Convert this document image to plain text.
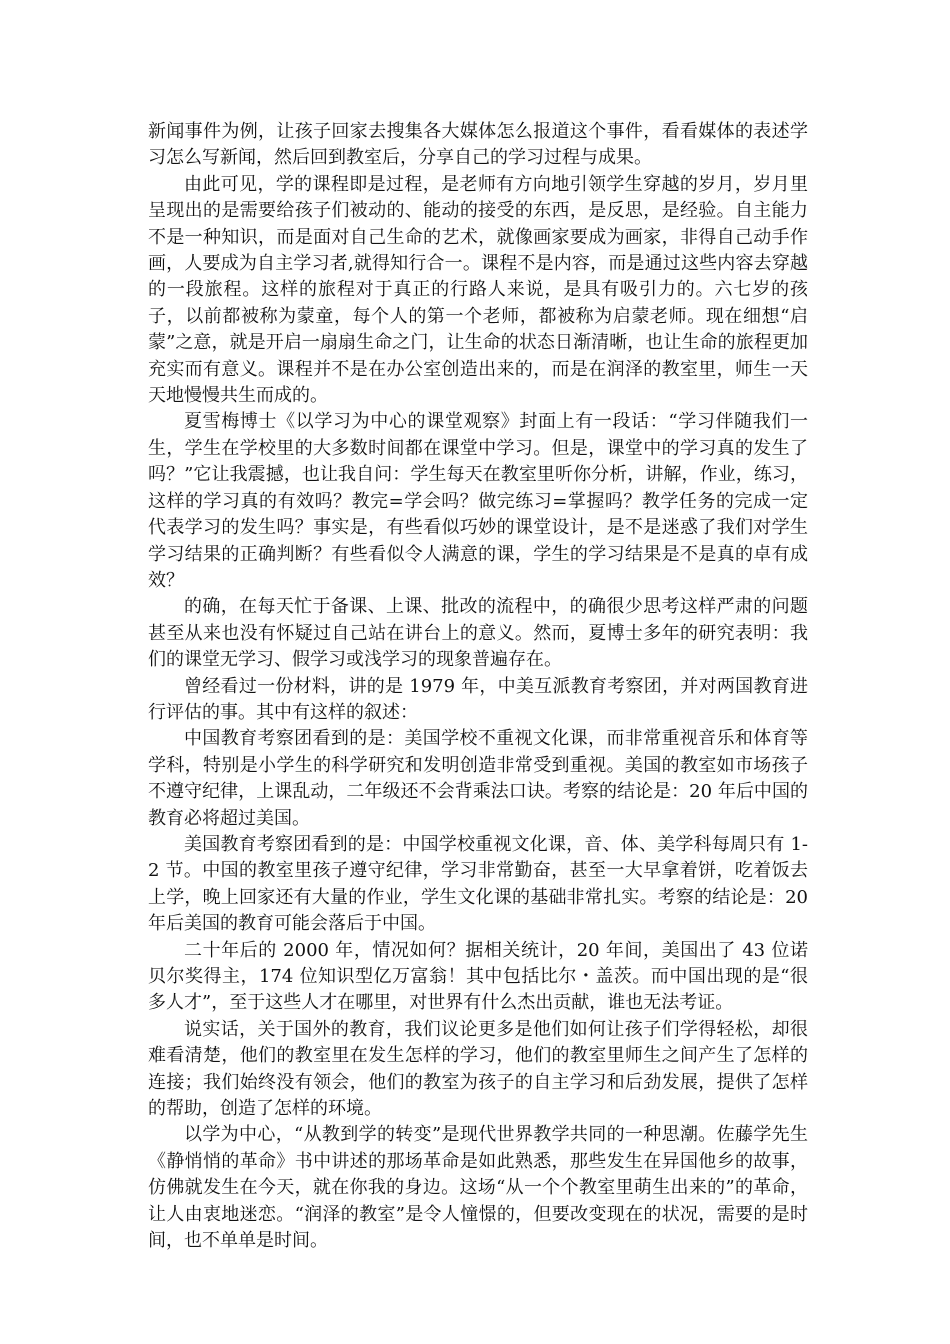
新闻事件为例，让孩子回家去搜集各大媒体怎么报道这个事件，看看媒体的表述学习怎么写新闻，然后回到教室后，分享自己的学习过程与成果。

由此可见，学的课程即是过程，是老师有方向地引领学生穿越的岁月，岁月里呈现出的是需要给孩子们被动的、能动的接受的东西，是反思，是经验。自主能力不是一种知识，而是面对自己生命的艺术，就像画家要成为画家，非得自己动手作画，人要成为自主学习者,就得知行合一。课程不是内容，而是通过这些内容去穿越的一段旅程。这样的旅程对于真正的行路人来说，是具有吸引力的。六七岁的孩子，以前都被称为蒙童，每个人的第一个老师，都被称为启蒙老师。现在细想“启蒙”之意，就是开启一扇扇生命之门，让生命的状态日渐清晰，也让生命的旅程更加充实而有意义。课程并不是在办公室创造出来的，而是在润泽的教室里，师生一天天地慢慢共生而成的。

夏雪梅博士《以学习为中心的课堂观察》封面上有一段话：“学习伴随我们一生，学生在学校里的大多数时间都在课堂中学习。但是，课堂中的学习真的发生了吗？”它让我震撼，也让我自问：学生每天在教室里听你分析，讲解，作业，练习，这样的学习真的有效吗？教完=学会吗？做完练习=掌握吗？教学任务的完成一定代表学习的发生吗？事实是，有些看似巧妙的课堂设计，是不是迷惑了我们对学生学习结果的正确判断？有些看似令人满意的课，学生的学习结果是不是真的卓有成效？

的确，在每天忙于备课、上课、批改的流程中，的确很少思考这样严肃的问题甚至从来也没有怀疑过自己站在讲台上的意义。然而，夏博士多年的研究表明：我们的课堂无学习、假学习或浅学习的现象普遍存在。

曾经看过一份材料，讲的是 1979 年，中美互派教育考察团，并对两国教育进行评估的事。其中有这样的叙述：

中国教育考察团看到的是：美国学校不重视文化课，而非常重视音乐和体育等学科，特别是小学生的科学研究和发明创造非常受到重视。美国的教室如市场孩子不遵守纪律，上课乱动，二年级还不会背乘法口诀。考察的结论是：20 年后中国的教育必将超过美国。

美国教育考察团看到的是：中国学校重视文化课，音、体、美学科每周只有 1-2 节。中国的教室里孩子遵守纪律，学习非常勤奋，甚至一大早拿着饼，吃着饭去上学，晚上回家还有大量的作业，学生文化课的基础非常扎实。考察的结论是：20 年后美国的教育可能会落后于中国。

二十年后的 2000 年，情况如何？据相关统计，20 年间，美国出了 43 位诺贝尔奖得主，174 位知识型亿万富翁！其中包括比尔・盖茨。而中国出现的是“很多人才”，至于这些人才在哪里，对世界有什么杰出贡献，谁也无法考证。

说实话，关于国外的教育，我们议论更多是他们如何让孩子们学得轻松，却很难看清楚，他们的教室里在发生怎样的学习，他们的教室里师生之间产生了怎样的连接；我们始终没有领会，他们的教室为孩子的自主学习和后劲发展，提供了怎样的帮助，创造了怎样的环境。

以学为中心，“从教到学的转变”是现代世界教学共同的一种思潮。佐藤学先生《静悄悄的革命》书中讲述的那场革命是如此熟悉，那些发生在异国他乡的故事，仿佛就发生在今天，就在你我的身边。这场“从一个个教室里萌生出来的”的革命，让人由衷地迷恋。“润泽的教室”是令人憧憬的，但要改变现在的状况，需要的是时间，也不单单是时间。
